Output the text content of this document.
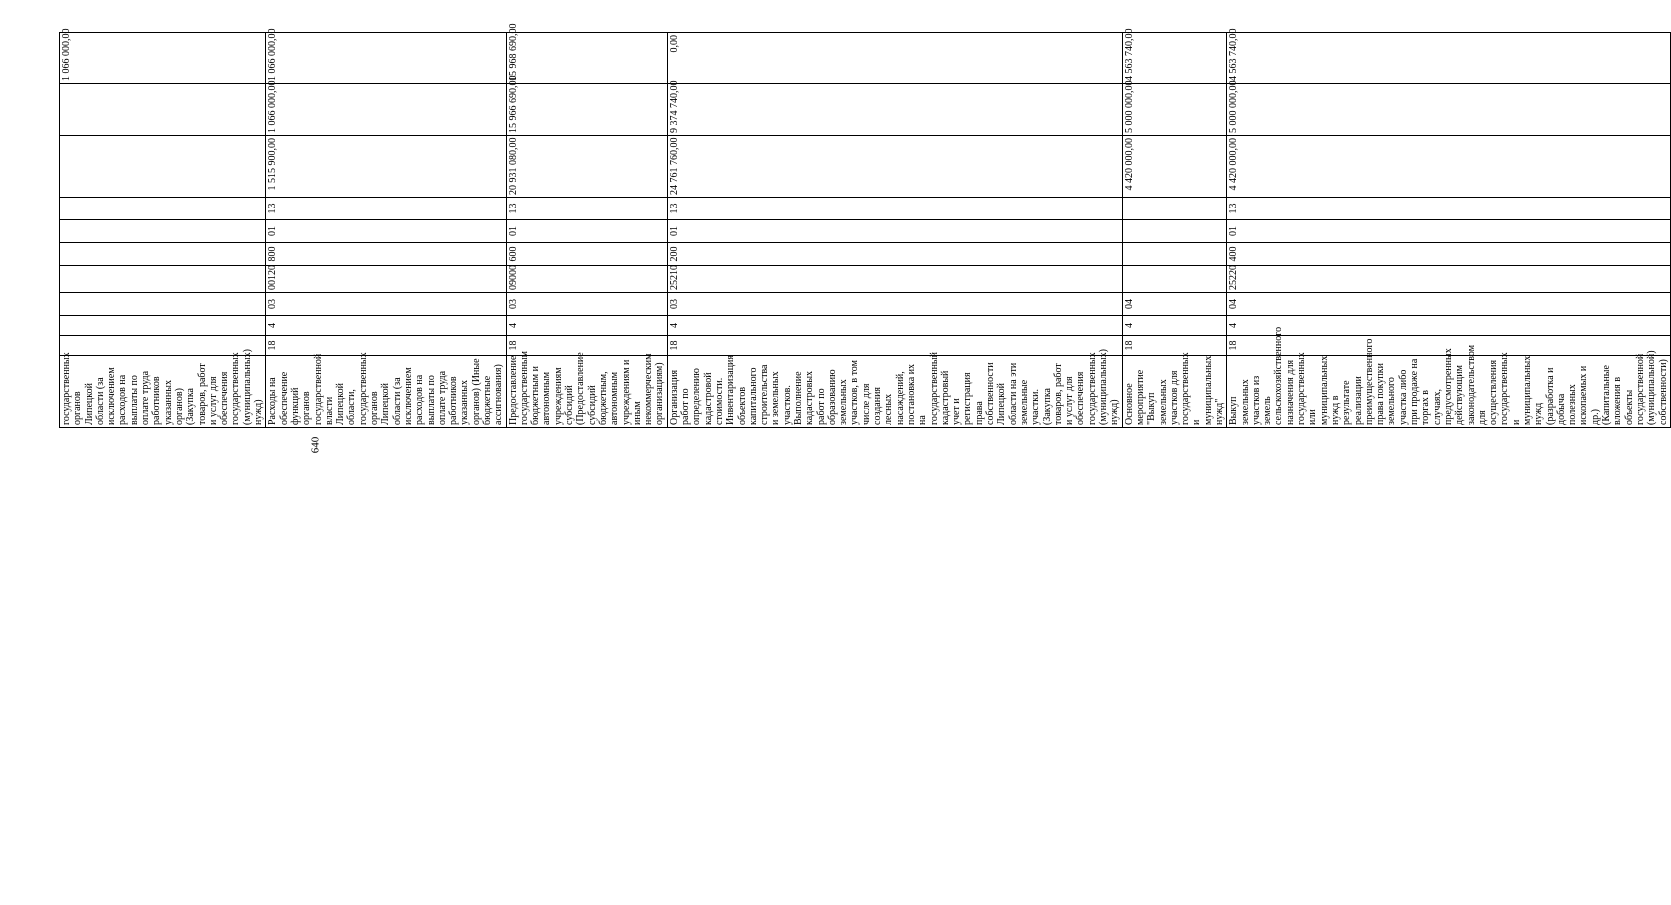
640
государственных органов Липецкой области (за исключением расходов на выплаты по оплате труда работников указанных органов) (Закупка товаров, работ и услуг для обеспечения государственных (муниципальных) нужд)										1 066 000,00
Расходы на обеспечение функций органов государственной власти Липецкой области, государственных органов Липецкой области (за исключением расходов на выплаты по оплате труда работников указанных органов) (Иные бюджетные ассигнования)	18	4	03	00120	800	01	13	1 515 900,00	1 066 000,00	1 066 000,00
Предоставление государственным бюджетным и автономным учреждениям субсидий (Предоставление субсидий бюджетным, автономным учреждениям и иным некоммерческим организациям)	18	4	03	09000	600	01	13	20 931 080,00	15 966 690,00	15 968 690,00
Организация работ по определению кадастровой стоимости. Инвентаризация объектов капитального строительства и земельных участков. Выполнение кадастровых работ по образованию земельных участков, в том числе для создания лесных насаждений, постановка их на государственный кадастровый учет и регистрация права собственности Липецкой области на эти земельные участки. (Закупка товаров, работ и услуг для обеспечения государственных (муниципальных) нужд)	18	4	03	25210	200	01	13	24 761 760,00	9 374 740,00	0,00
Основное мероприятие "Выкуп земельных участков для государственных и муниципальных нужд"	18	4	04					4 420 000,00	5 000 000,00	4 563 740,00
Выкуп земельных участков из земель сельскохозяйственного назначения для государственных или муниципальных нужд в результате реализации преимущественного права покупки земельного участка либо при продаже на торгах в случаях, предусмотренных действующим законодательством для осуществления государственных и муниципальных нужд (разработка и добыча полезных ископаемых и др.) (Капитальные вложения в объекты государственной (муниципальной) собственности)	18	4	04	25220	400	01	13	4 420 000,00	5 000 000,00	4 563 740,00
